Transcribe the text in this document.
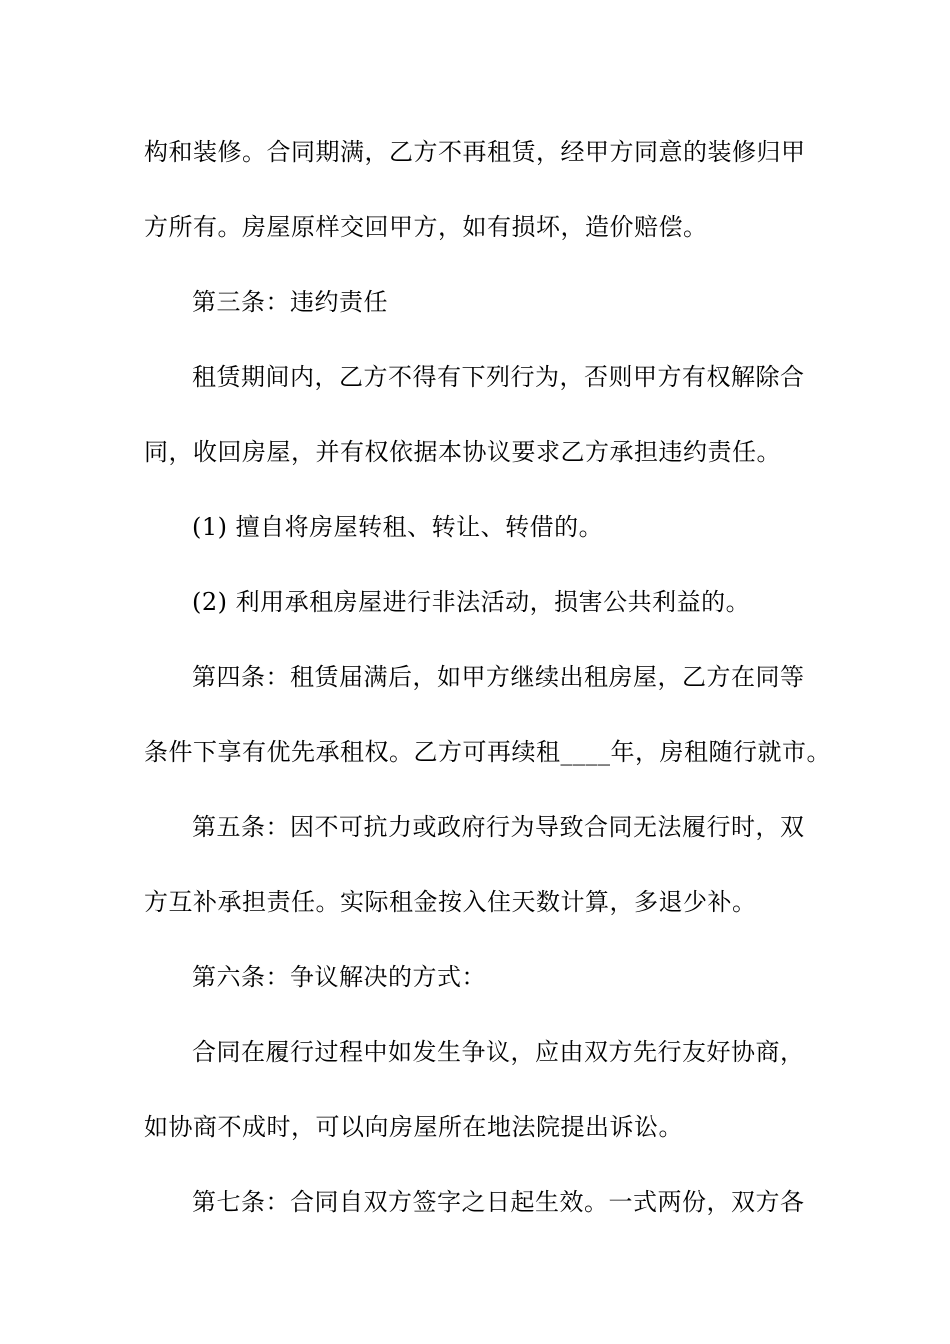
构和装修。合同期满，乙方不再租赁，经甲方同意的装修归甲
方所有。房屋原样交回甲方，如有损坏，造价赔偿。
第三条：违约责任
租赁期间内，乙方不得有下列行为，否则甲方有权解除合
同，收回房屋，并有权依据本协议要求乙方承担违约责任。
(1) 擅自将房屋转租、转让、转借的。
(2) 利用承租房屋进行非法活动，损害公共利益的。
第四条：租赁届满后，如甲方继续出租房屋，乙方在同等
条件下享有优先承租权。乙方可再续租____年，房租随行就市。
第五条：因不可抗力或政府行为导致合同无法履行时，双
方互补承担责任。实际租金按入住天数计算，多退少补。
第六条：争议解决的方式：
合同在履行过程中如发生争议，应由双方先行友好协商，
如协商不成时，可以向房屋所在地法院提出诉讼。
第七条：合同自双方签字之日起生效。一式两份，双方各
